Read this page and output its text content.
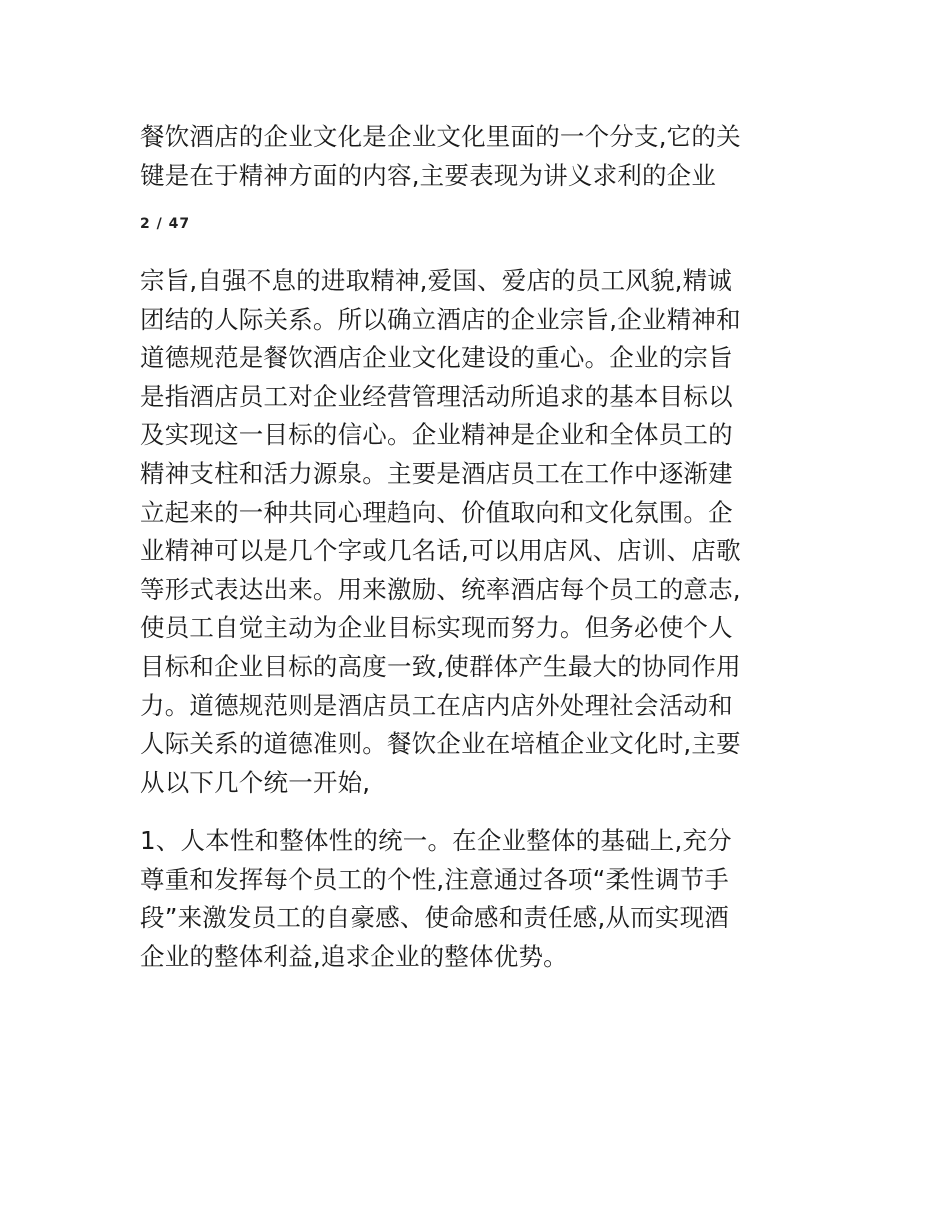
餐饮酒店的企业文化是企业文化里面的一个分支,它的关
键是在于精神方面的内容,主要表现为讲义求利的企业

2 / 47

宗旨,自强不息的进取精神,爱国、爱店的员工风貌,精诚
团结的人际关系。所以确立酒店的企业宗旨,企业精神和
道德规范是餐饮酒店企业文化建设的重心。企业的宗旨
是指酒店员工对企业经营管理活动所追求的基本目标以
及实现这一目标的信心。企业精神是企业和全体员工的
精神支柱和活力源泉。主要是酒店员工在工作中逐渐建
立起来的一种共同心理趋向、价值取向和文化氛围。企
业精神可以是几个字或几名话,可以用店风、店训、店歌
等形式表达出来。用来激励、统率酒店每个员工的意志,
使员工自觉主动为企业目标实现而努力。但务必使个人
目标和企业目标的高度一致,使群体产生最大的协同作用
力。道德规范则是酒店员工在店内店外处理社会活动和
人际关系的道德准则。餐饮企业在培植企业文化时,主要
从以下几个统一开始,

1、人本性和整体性的统一。在企业整体的基础上,充分
尊重和发挥每个员工的个性,注意通过各项“柔性调节手
段”来激发员工的自豪感、使命感和责任感,从而实现酒
企业的整体利益,追求企业的整体优势。
